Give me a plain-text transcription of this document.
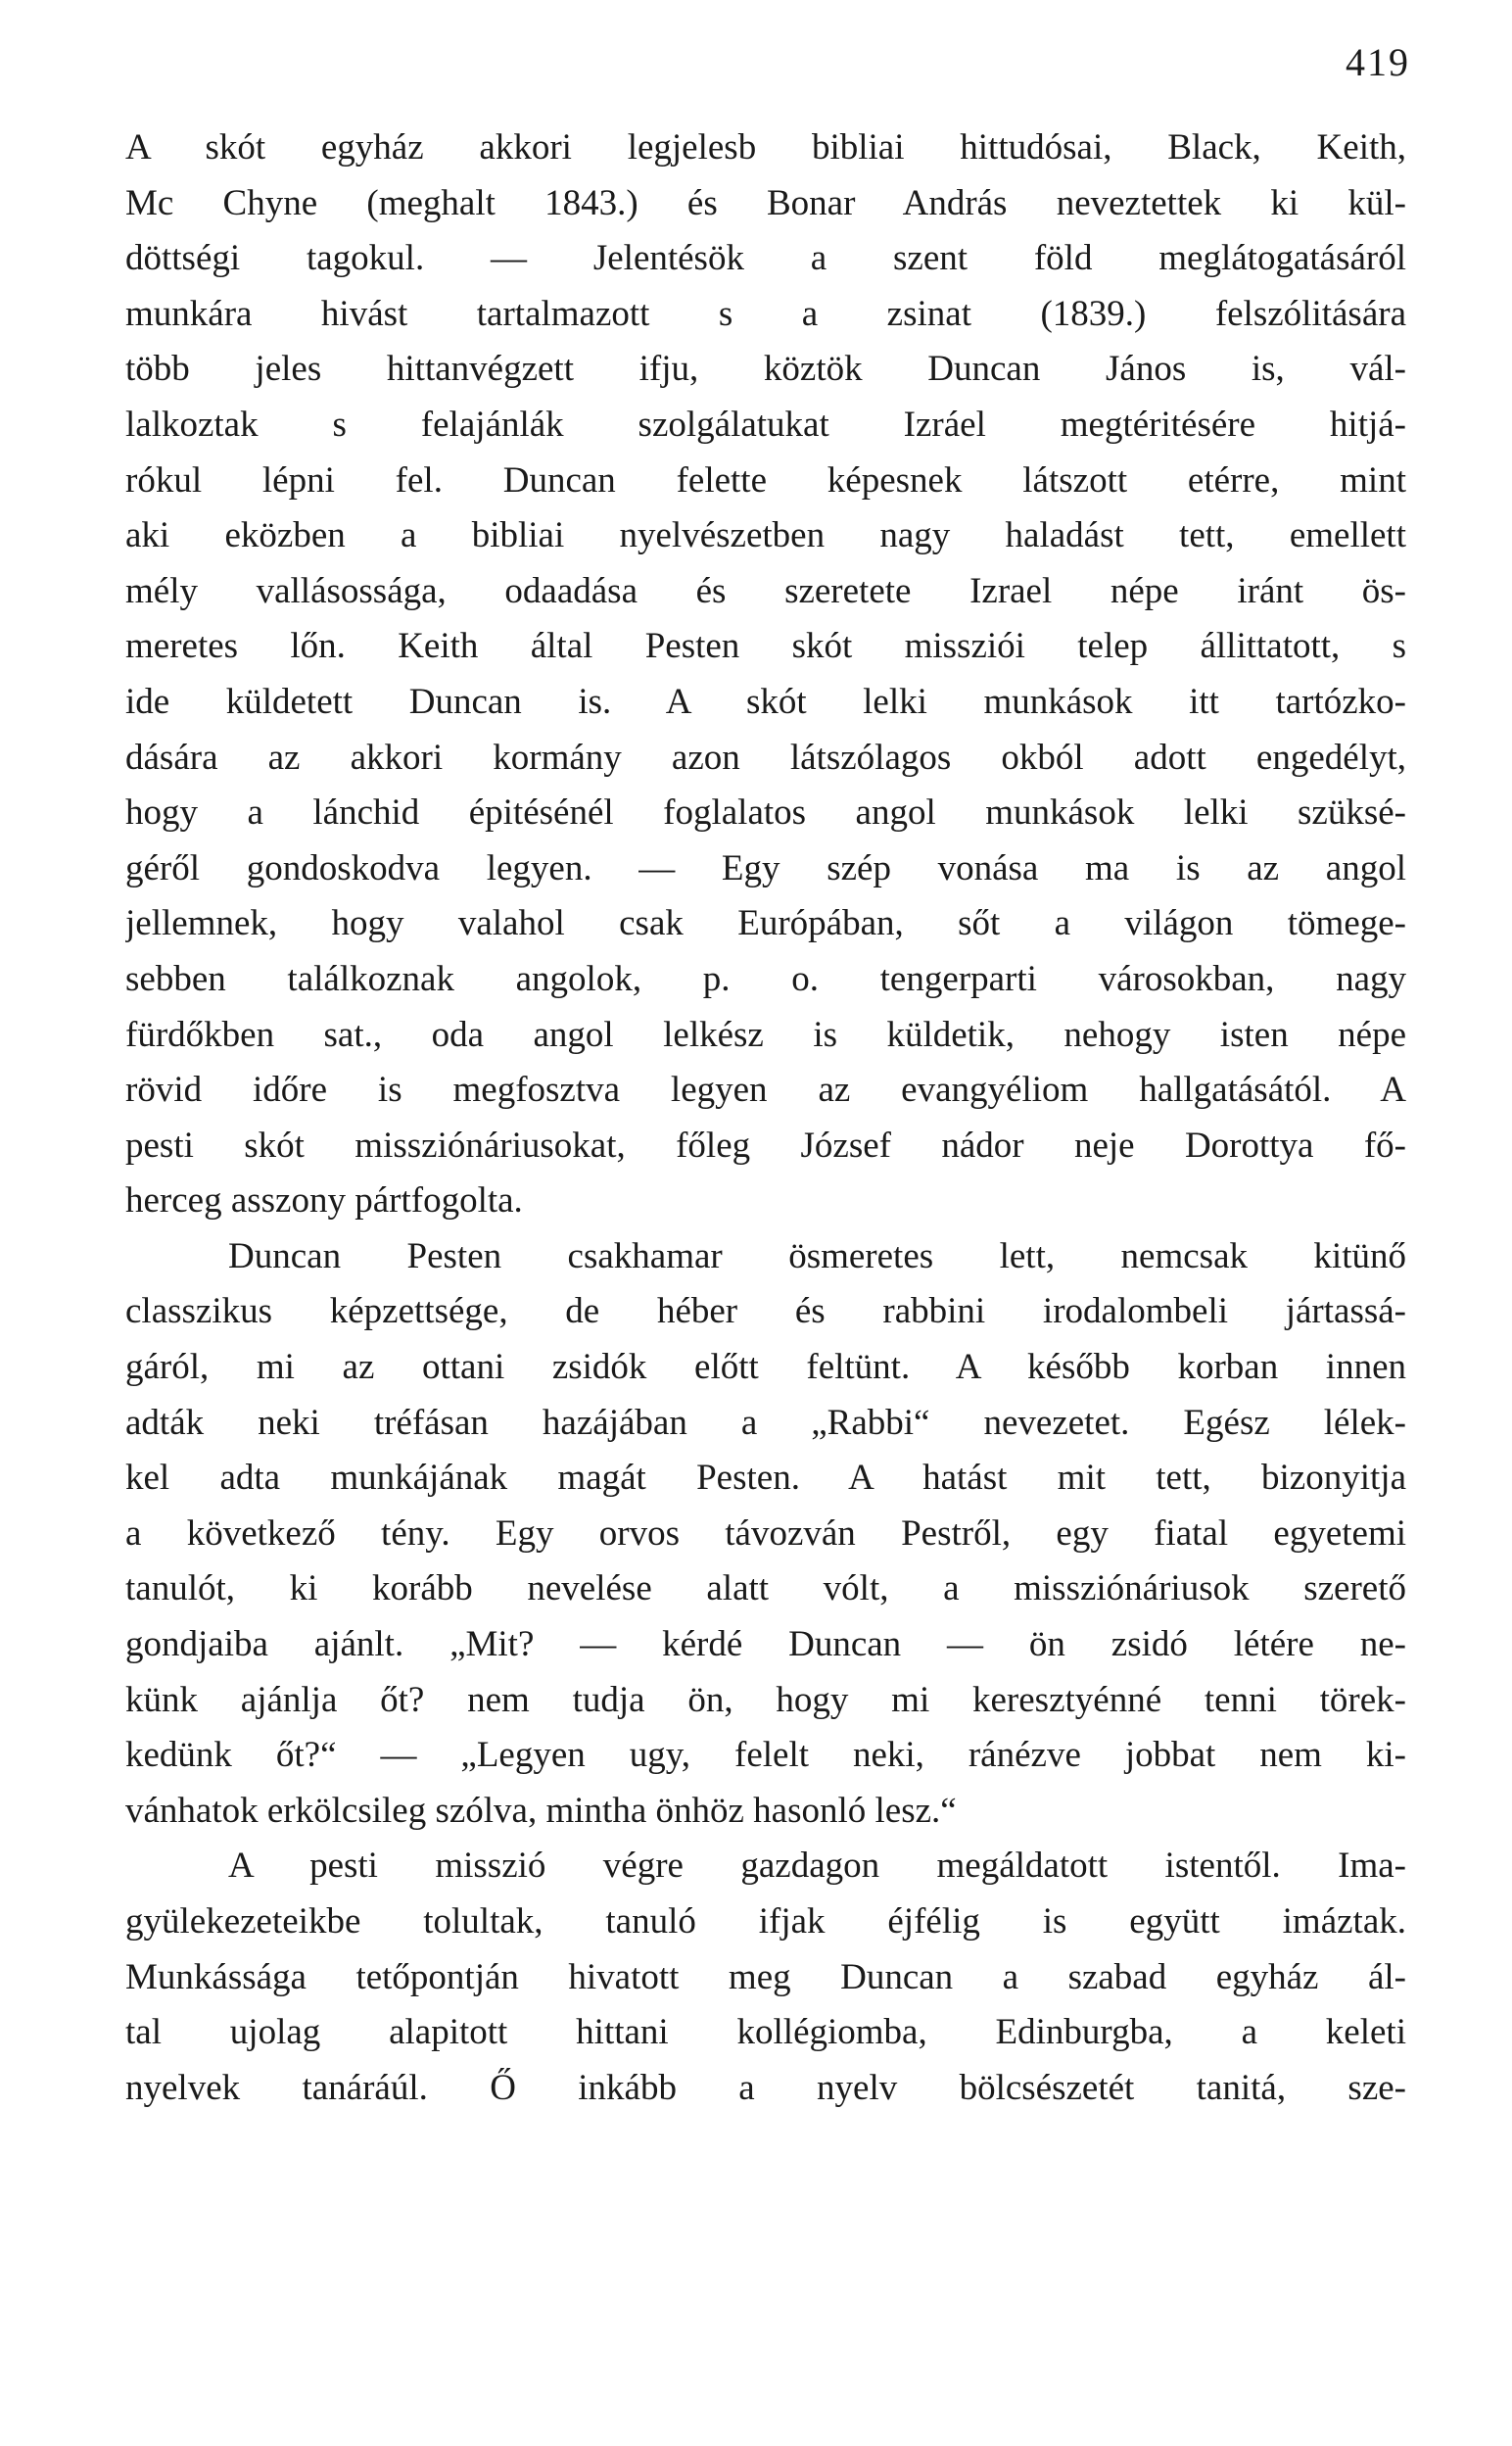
419
A skót egyház akkori legjelesb bibliai hittudósai, Black, Keith,
Mc Chyne (meghalt 1843.) és Bonar András neveztettek ki kül-
döttségi tagokul. — Jelentésök a szent föld meglátogatásáról
munkára hivást tartalmazott s a zsinat (1839.) felszólitására
több jeles hittanvégzett ifju, köztök Duncan János is, vál-
lalkoztak s felajánlák szolgálatukat Izráel megtéritésére hitjá-
rókul lépni fel. Duncan felette képesnek látszott etérre, mint
aki eközben a bibliai nyelvészetben nagy haladást tett, emellett
mély vallásossága, odaadása és szeretete Izrael népe iránt ös-
meretes lőn. Keith által Pesten skót missziói telep állittatott, s
ide küldetett Duncan is. A skót lelki munkások itt tartózko-
dására az akkori kormány azon látszólagos okból adott engedélyt,
hogy a lánchid épitésénél foglalatos angol munkások lelki szüksé-
géről gondoskodva legyen. — Egy szép vonása ma is az angol
jellemnek, hogy valahol csak Európában, sőt a világon tömege-
sebben találkoznak angolok, p. o. tengerparti városokban, nagy
fürdőkben sat., oda angol lelkész is küldetik, nehogy isten népe
rövid időre is megfosztva legyen az evangyéliom hallgatásától. A
pesti skót missziónáriusokat, főleg József nádor neje Dorottya fő-
herceg asszony pártfogolta.
Duncan Pesten csakhamar ösmeretes lett, nemcsak kitünő
classzikus képzettsége, de héber és rabbini irodalombeli jártassá-
gáról, mi az ottani zsidók előtt feltünt. A később korban innen
adták neki tréfásan hazájában a „Rabbi“ nevezetet. Egész lélek-
kel adta munkájának magát Pesten. A hatást mit tett, bizonyitja
a következő tény. Egy orvos távozván Pestről, egy fiatal egyetemi
tanulót, ki korább nevelése alatt vólt, a missziónáriusok szerető
gondjaiba ajánlt. „Mit? — kérdé Duncan — ön zsidó létére ne-
künk ajánlja őt? nem tudja ön, hogy mi keresztyénné tenni törek-
kedünk őt?“ — „Legyen ugy, felelt neki, ránézve jobbat nem ki-
vánhatok erkölcsileg szólva, mintha önhöz hasonló lesz.“
A pesti misszió végre gazdagon megáldatott istentől. Ima-
gyülekezeteikbe tolultak, tanuló ifjak éjfélig is együtt imáztak.
Munkássága tetőpontján hivatott meg Duncan a szabad egyház ál-
tal ujolag alapitott hittani kollégiomba, Edinburgba, a keleti
nyelvek tanáráúl. Ő inkább a nyelv bölcsészetét tanitá, sze-
